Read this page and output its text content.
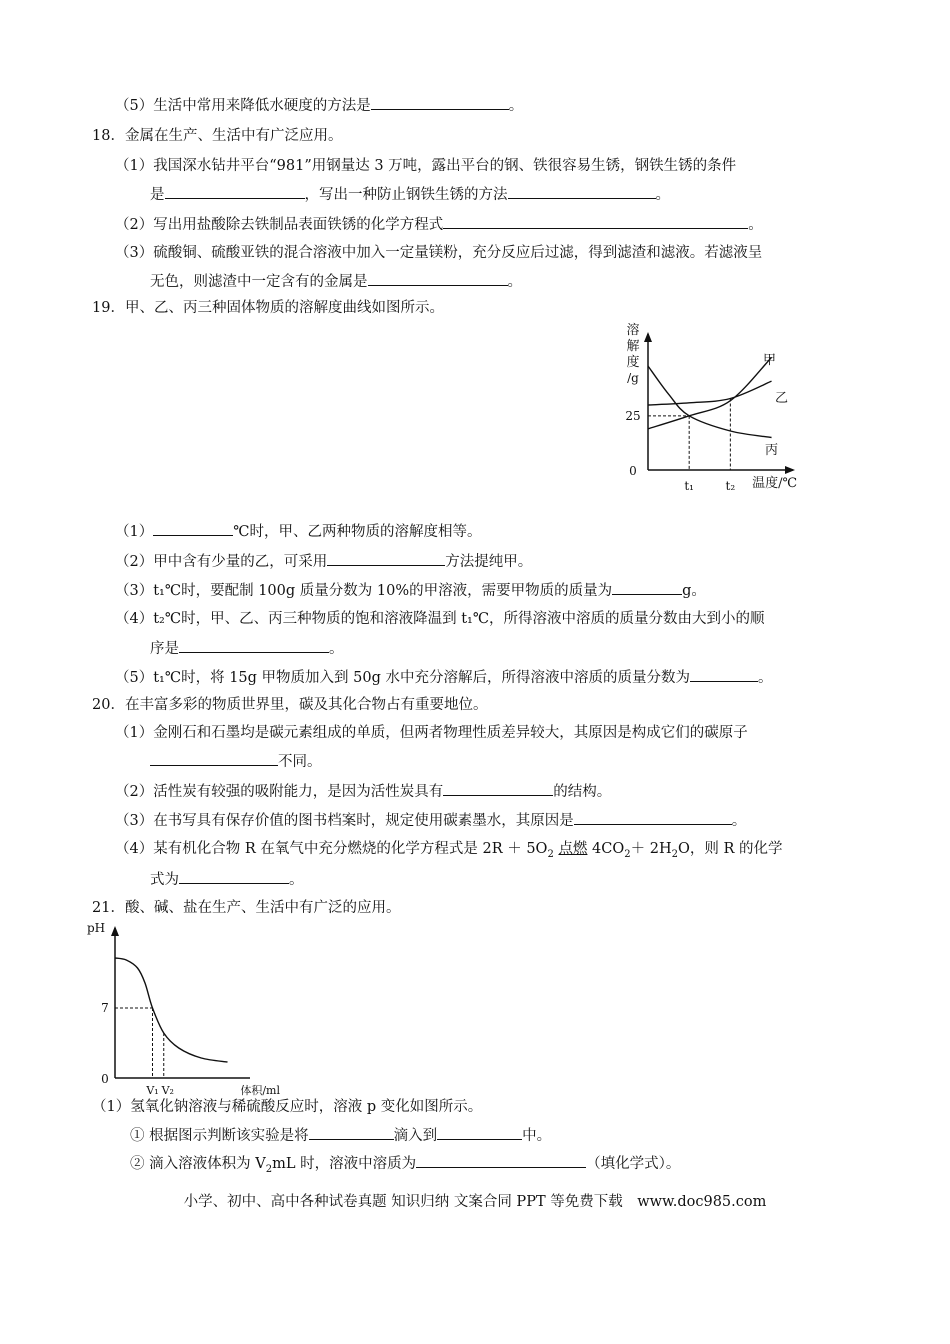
（5）生活中常用来降低水硬度的方法是	。
18．金属在生产、生活中有广泛应用。
（1）我国深水钻井平台“981”用钢量达 3 万吨，露出平台的钢、铁很容易生锈，钢铁生锈的条件
是	，写出一种防止钢铁生锈的方法	。
（2）写出用盐酸除去铁制品表面铁锈的化学方程式	。
（3）硫酸铜、硫酸亚铁的混合溶液中加入一定量镁粉，充分反应后过滤，得到滤渣和滤液。若滤液呈
无色，则滤渣中一定含有的金属是	。
19．甲、乙、丙三种固体物质的溶解度曲线如图所示。
溶
解
度
/g
温度/℃
0
25
t₁	t₂
甲
乙
丙
（1）	℃时，甲、乙两种物质的溶解度相等。
（2）甲中含有少量的乙，可采用	方法提纯甲。
（3）t₁℃时，要配制 100g 质量分数为 10%的甲溶液，需要甲物质的质量为	g。
（4）t₂℃时，甲、乙、丙三种物质的饱和溶液降温到 t₁℃，所得溶液中溶质的质量分数由大到小的顺
序是	。
（5）t₁℃时，将 15g 甲物质加入到 50g 水中充分溶解后，所得溶液中溶质的质量分数为	。
20．在丰富多彩的物质世界里，碳及其化合物占有重要地位。
（1）金刚石和石墨均是碳元素组成的单质，但两者物理性质差异较大，其原因是构成它们的碳原子
不同。
（2）活性炭有较强的吸附能力，是因为活性炭具有	的结构。
（3）在书写具有保存价值的图书档案时，规定使用碳素墨水，其原因是	。
（4）某有机化合物 R 在氧气中充分燃烧的化学方程式是 $2R + 5O_2$ 点燃 $4CO_2+ 2H_2O$，则 R 的化学
式为	。
21．酸、碱、盐在生产、生活中有广泛的应用。
pH
0
7
V₁ V₂	体积/ml
（1）氢氧化钠溶液与稀硫酸反应时，溶液 p 变化如图所示。
① 根据图示判断该实验是将	滴入到	中。
② 滴入溶液体积为 $V_2mL$ 时，溶液中溶质为	（填化学式）。
小学、初中、高中各种试卷真题 知识归纳 文案合同 PPT 等免费下载　www.doc985.com
